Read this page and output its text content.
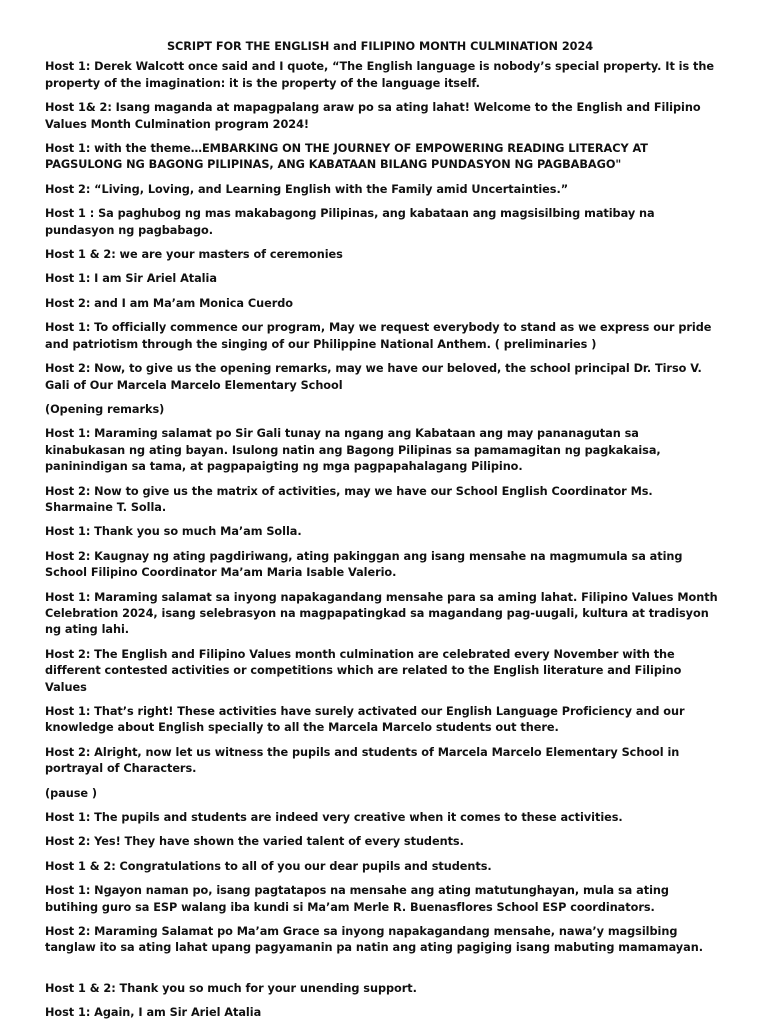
SCRIPT FOR THE ENGLISH and FILIPINO MONTH CULMINATION 2024

Host 1: Derek Walcott once said and I quote, “The English language is nobody’s special property. It is the property of the imagination: it is the property of the language itself.

Host 1& 2: Isang maganda at mapagpalang araw po sa ating lahat! Welcome to the English and Filipino Values Month Culmination program 2024!

Host 1: with the theme…EMBARKING ON THE JOURNEY OF EMPOWERING READING LITERACY AT PAGSULONG NG BAGONG PILIPINAS, ANG KABATAAN BILANG PUNDASYON NG PAGBABAGO"

Host 2: “Living, Loving, and Learning English with the Family amid Uncertainties.”

Host 1 : Sa paghubog ng mas makabagong Pilipinas, ang kabataan ang magsisilbing matibay na pundasyon ng pagbabago.

Host 1 & 2: we are your masters of ceremonies

Host 1: I am Sir Ariel Atalia

Host 2: and I am Ma’am Monica Cuerdo

Host 1: To officially commence our program, May we request everybody to stand as we express our pride and patriotism through the singing of our Philippine National Anthem. ( preliminaries )

Host 2: Now, to give us the opening remarks, may we have our beloved, the school principal Dr. Tirso V. Gali of Our Marcela Marcelo Elementary School

(Opening remarks)

Host 1: Maraming salamat po Sir Gali tunay na ngang ang Kabataan ang may pananagutan sa kinabukasan ng ating bayan. Isulong natin ang Bagong Pilipinas sa pamamagitan ng pagkakaisa, paninindigan sa tama, at pagpapaigting ng mga pagpapahalagang Pilipino.

Host 2: Now to give us the matrix of activities, may we have our School English Coordinator Ms. Sharmaine T. Solla.

Host 1: Thank you so much Ma’am Solla.

Host 2: Kaugnay ng ating pagdiriwang, ating pakinggan ang isang mensahe na magmumula sa ating School Filipino Coordinator Ma’am Maria Isable Valerio.

Host 1: Maraming salamat sa inyong napakagandang mensahe para sa aming lahat. Filipino Values Month Celebration 2024, isang selebrasyon na magpapatingkad sa magandang pag-uugali, kultura at tradisyon ng ating lahi.

Host 2: The English and Filipino Values month culmination are celebrated every November with the different contested activities or competitions which are related to the English literature and Filipino Values

Host 1: That’s right! These activities have surely activated our English Language Proficiency and our knowledge about English specially to all the Marcela Marcelo students out there.

Host 2: Alright, now let us witness the pupils and students of Marcela Marcelo Elementary School in portrayal of Characters.

(pause )

Host 1: The pupils and students are indeed very creative when it comes to these activities.

Host 2: Yes! They have shown the varied talent of every students.

Host 1 & 2: Congratulations to all of you our dear pupils and students.

Host 1: Ngayon naman po, isang pagtatapos na mensahe ang ating matutunghayan, mula sa ating butihing guro sa ESP walang iba kundi si Ma’am Merle R. Buenasflores School ESP coordinators.

Host 2: Maraming Salamat po Ma’am Grace sa inyong napakagandang mensahe, nawa’y magsilbing tanglaw ito sa ating lahat upang pagyamanin pa natin ang ating pagiging isang mabuting mamamayan.

Host 1 & 2: Thank you so much for your unending support.

Host 1: Again, I am Sir Ariel Atalia
